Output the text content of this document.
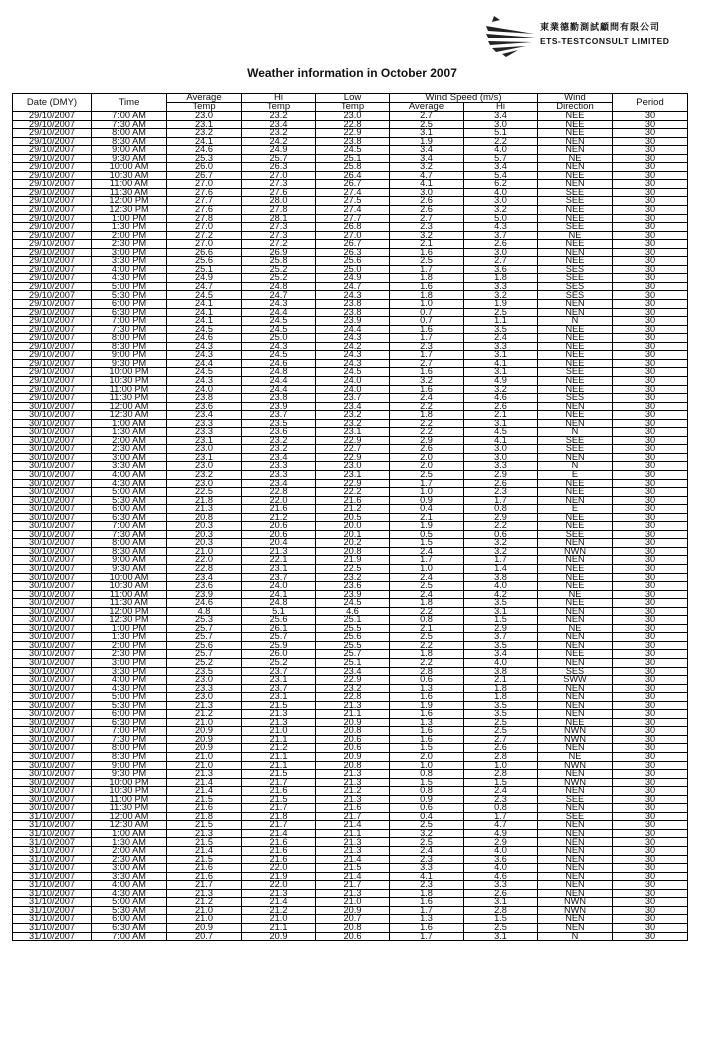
東業德勤測試顧問有限公司
ETS-TESTCONSULT LIMITED
Weather information in October 2007
Date (DMY)	Time	Average	Hi	Low	Wind Speed (m/s)		Wind	Period
		Temp	Temp	Temp	Average	Hi	Direction	
29/10/2007	7:00 AM	23.0	23.2	23.0	2.7	3.4	NEE	30
29/10/2007	7:30 AM	23.1	23.4	22.8	2.5	3.0	NEE	30
29/10/2007	8:00 AM	23.2	23.2	22.9	3.1	5.1	NEE	30
29/10/2007	8:30 AM	24.1	24.2	23.8	1.9	2.2	NEN	30
29/10/2007	9:00 AM	24.6	24.9	24.5	3.4	4.0	NEN	30
29/10/2007	9:30 AM	25.3	25.7	25.1	3.4	5.7	NE	30
29/10/2007	10:00 AM	26.0	26.3	25.8	3.2	3.4	NEN	30
29/10/2007	10:30 AM	26.7	27.0	26.4	4.7	5.4	NEE	30
29/10/2007	11:00 AM	27.0	27.3	26.7	4.1	6.2	NEN	30
29/10/2007	11:30 AM	27.6	27.6	27.4	3.0	4.0	SEE	30
29/10/2007	12:00 PM	27.7	28.0	27.5	2.6	3.0	SEE	30
29/10/2007	12:30 PM	27.6	27.8	27.4	2.6	3.2	NEE	30
29/10/2007	1:00 PM	27.8	28.1	27.7	2.7	5.0	NEE	30
29/10/2007	1:30 PM	27.0	27.3	26.8	2.3	4.3	SEE	30
29/10/2007	2:00 PM	27.2	27.3	27.0	3.2	3.7	NE	30
29/10/2007	2:30 PM	27.0	27.2	26.7	2.1	2.6	NEE	30
29/10/2007	3:00 PM	26.6	26.9	26.3	1.6	3.0	NEN	30
29/10/2007	3:30 PM	25.6	25.8	25.6	2.5	2.7	NEE	30
29/10/2007	4:00 PM	25.1	25.2	25.0	1.7	3.6	SES	30
29/10/2007	4:30 PM	24.9	25.2	24.9	1.8	1.8	SEE	30
29/10/2007	5:00 PM	24.7	24.8	24.7	1.6	3.3	SES	30
29/10/2007	5:30 PM	24.5	24.7	24.3	1.8	3.2	SES	30
29/10/2007	6:00 PM	24.1	24.3	23.8	1.0	1.9	NEN	30
29/10/2007	6:30 PM	24.1	24.4	23.8	0.7	2.5	NEN	30
29/10/2007	7:00 PM	24.1	24.5	23.9	0.7	1.1	N	30
29/10/2007	7:30 PM	24.5	24.5	24.4	1.6	3.5	NEE	30
29/10/2007	8:00 PM	24.6	25.0	24.3	1.7	2.4	NEE	30
29/10/2007	8:30 PM	24.3	24.3	24.2	2.3	3.3	NEE	30
29/10/2007	9:00 PM	24.3	24.5	24.3	1.7	3.1	NEE	30
29/10/2007	9:30 PM	24.4	24.6	24.3	2.7	4.1	NEE	30
29/10/2007	10:00 PM	24.5	24.8	24.5	1.6	3.1	SEE	30
29/10/2007	10:30 PM	24.3	24.4	24.0	3.2	4.9	NEE	30
29/10/2007	11:00 PM	24.0	24.4	24.0	1.6	3.2	NEE	30
29/10/2007	11:30 PM	23.8	23.8	23.7	2.4	4.6	SES	30
30/10/2007	12:00 AM	23.6	23.9	23.4	2.2	2.6	NEN	30
30/10/2007	12:30 AM	23.4	23.7	23.2	1.8	2.1	NEE	30
30/10/2007	1:00 AM	23.3	23.5	23.2	2.2	3.1	NEN	30
30/10/2007	1:30 AM	23.3	23.6	23.1	2.2	4.5	N	30
30/10/2007	2:00 AM	23.1	23.2	22.9	2.9	4.1	SEE	30
30/10/2007	2:30 AM	23.0	23.2	22.7	2.6	3.0	SEE	30
30/10/2007	3:00 AM	23.1	23.4	22.9	2.0	3.0	NEN	30
30/10/2007	3:30 AM	23.0	23.3	23.0	2.0	3.3	N	30
30/10/2007	4:00 AM	23.2	23.3	23.1	2.5	2.9	E	30
30/10/2007	4:30 AM	23.0	23.4	22.9	1.7	2.6	NEE	30
30/10/2007	5:00 AM	22.5	22.8	22.2	1.0	2.3	NEE	30
30/10/2007	5:30 AM	21.8	22.0	21.6	0.9	1.7	NEN	30
30/10/2007	6:00 AM	21.3	21.6	21.2	0.4	0.8	E	30
30/10/2007	6:30 AM	20.8	21.2	20.5	2.1	2.9	NEE	30
30/10/2007	7:00 AM	20.3	20.6	20.0	1.9	2.2	NEE	30
30/10/2007	7:30 AM	20.3	20.6	20.1	0.5	0.6	SEE	30
30/10/2007	8:00 AM	20.3	20.4	20.2	1.5	3.2	NEN	30
30/10/2007	8:30 AM	21.0	21.3	20.8	2.4	3.2	NWN	30
30/10/2007	9:00 AM	22.0	22.1	21.9	1.7	1.7	NEN	30
30/10/2007	9:30 AM	22.8	23.1	22.5	1.0	1.4	NEE	30
30/10/2007	10:00 AM	23.4	23.7	23.2	2.4	3.8	NEE	30
30/10/2007	10:30 AM	23.6	24.0	23.6	2.5	4.0	NEE	30
30/10/2007	11:00 AM	23.9	24.1	23.9	2.4	4.2	NE	30
30/10/2007	11:30 AM	24.6	24.8	24.5	1.8	3.5	NEE	30
30/10/2007	12:00 PM	4.8	5.1	4.6	2.2	3.1	NEN	30
30/10/2007	12:30 PM	25.3	25.6	25.1	0.8	1.5	NEN	30
30/10/2007	1:00 PM	25.7	26.1	25.5	2.1	2.9	NE	30
30/10/2007	1:30 PM	25.7	25.7	25.6	2.5	3.7	NEN	30
30/10/2007	2:00 PM	25.6	25.9	25.5	2.2	3.5	NEN	30
30/10/2007	2:30 PM	25.7	26.0	25.7	1.8	3.4	NEE	30
30/10/2007	3:00 PM	25.2	25.2	25.1	2.2	4.0	NEN	30
30/10/2007	3:30 PM	23.5	23.7	23.4	2.8	3.8	SES	30
30/10/2007	4:00 PM	23.0	23.1	22.9	0.6	2.1	SWW	30
30/10/2007	4:30 PM	23.3	23.7	23.2	1.3	1.8	NEN	30
30/10/2007	5:00 PM	23.0	23.1	22.8	1.6	1.8	NEN	30
30/10/2007	5:30 PM	21.3	21.5	21.3	1.9	3.5	NEN	30
30/10/2007	6:00 PM	21.2	21.3	21.1	1.6	3.5	NEN	30
30/10/2007	6:30 PM	21.0	21.3	20.9	1.3	2.5	NEE	30
30/10/2007	7:00 PM	20.9	21.0	20.8	1.6	2.5	NWN	30
30/10/2007	7:30 PM	20.9	21.1	20.6	1.6	2.7	NWN	30
30/10/2007	8:00 PM	20.9	21.2	20.6	1.5	2.6	NEN	30
30/10/2007	8:30 PM	21.0	21.1	20.9	2.0	2.8	NE	30
30/10/2007	9:00 PM	21.0	21.1	20.8	1.0	1.0	NWN	30
30/10/2007	9:30 PM	21.3	21.5	21.3	0.8	2.8	NEN	30
30/10/2007	10:00 PM	21.4	21.7	21.3	1.5	1.5	NWN	30
30/10/2007	10:30 PM	21.4	21.6	21.2	0.8	2.4	NEN	30
30/10/2007	11:00 PM	21.5	21.5	21.3	0.9	2.3	SEE	30
30/10/2007	11:30 PM	21.6	21.7	21.6	0.6	0.8	NEN	30
31/10/2007	12:00 AM	21.8	21.8	21.7	0.4	1.7	SEE	30
31/10/2007	12:30 AM	21.5	21.7	21.4	2.5	4.7	NEN	30
31/10/2007	1:00 AM	21.3	21.4	21.1	3.2	4.9	NEN	30
31/10/2007	1:30 AM	21.5	21.6	21.3	2.5	2.9	NEN	30
31/10/2007	2:00 AM	21.4	21.6	21.3	2.4	4.0	NEN	30
31/10/2007	2:30 AM	21.5	21.6	21.4	2.3	3.6	NEN	30
31/10/2007	3:00 AM	21.6	22.0	21.5	3.3	4.0	NEN	30
31/10/2007	3:30 AM	21.6	21.9	21.4	4.1	4.6	NEN	30
31/10/2007	4:00 AM	21.7	22.0	21.7	2.3	3.3	NEN	30
31/10/2007	4:30 AM	21.3	21.3	21.3	1.8	2.6	NEN	30
31/10/2007	5:00 AM	21.2	21.4	21.0	1.6	3.1	NWN	30
31/10/2007	5:30 AM	21.0	21.2	20.9	1.7	2.8	NWN	30
31/10/2007	6:00 AM	21.0	21.0	20.7	1.3	1.5	NEN	30
31/10/2007	6:30 AM	20.9	21.1	20.8	1.6	2.5	NEN	30
31/10/2007	7:00 AM	20.7	20.9	20.6	1.7	3.1	N	30
